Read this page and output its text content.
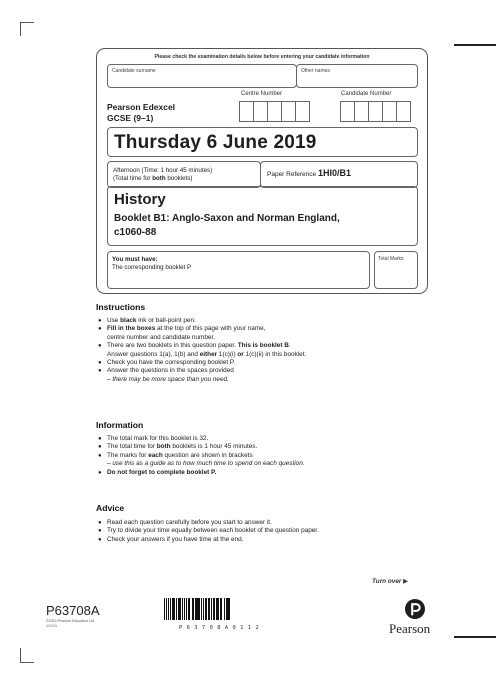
Please check the examination details below before entering your candidate information
Candidate surname	Other names
Pearson Edexcel
GCSE (9–1)
Centre Number	Candidate Number
Thursday 6 June 2019
Afternoon (Time: 1 hour 45 minutes)
(Total time for both booklets)
Paper Reference 1HI0/B1
History
Booklet B1: Anglo-Saxon and Norman England,
c1060-88
You must have:
The corresponding booklet P
Total Marks
Instructions
● Use black ink or ball-point pen.
● Fill in the boxes at the top of this page with your name,
centre number and candidate number.
● There are two booklets in this question paper. This is booklet B.
Answer questions 1(a), 1(b) and either 1(c)(i) or 1(c)(ii) in this booklet.
● Check you have the corresponding booklet P.
● Answer the questions in the spaces provided
– there may be more space than you need.
Information
● The total mark for this booklet is 32.
● The total time for both booklets is 1 hour 45 minutes.
● The marks for each question are shown in brackets
– use this as a guide as to how much time to spend on each question.
● Do not forget to complete booklet P.
Advice
● Read each question carefully before you start to answer it.
● Try to divide your time equally between each booklet of the question paper.
● Check your answers if you have time at the end.
Turn over ▶
P63708A
©2019 Pearson Education Ltd.
1/1/1/1	P63708A0112	Pearson
